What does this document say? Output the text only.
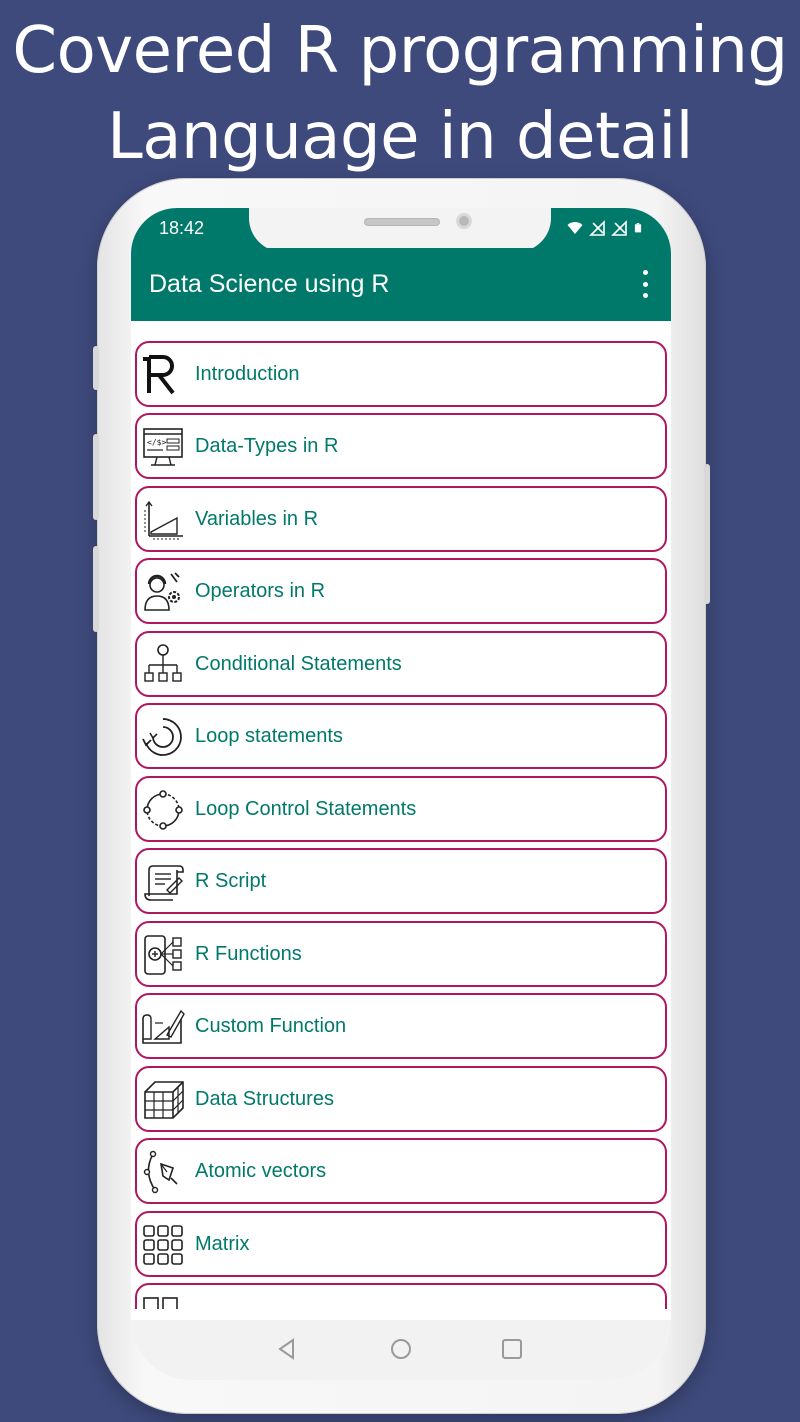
Covered R programming
Language in detail
18:42
Data Science using R
Introduction
</$> Data-Types in R
Variables in R
Operators in R
Conditional Statements
Loop statements
Loop Control Statements
R Script
R Functions
Custom Function
Data Structures
Atomic vectors
Matrix
